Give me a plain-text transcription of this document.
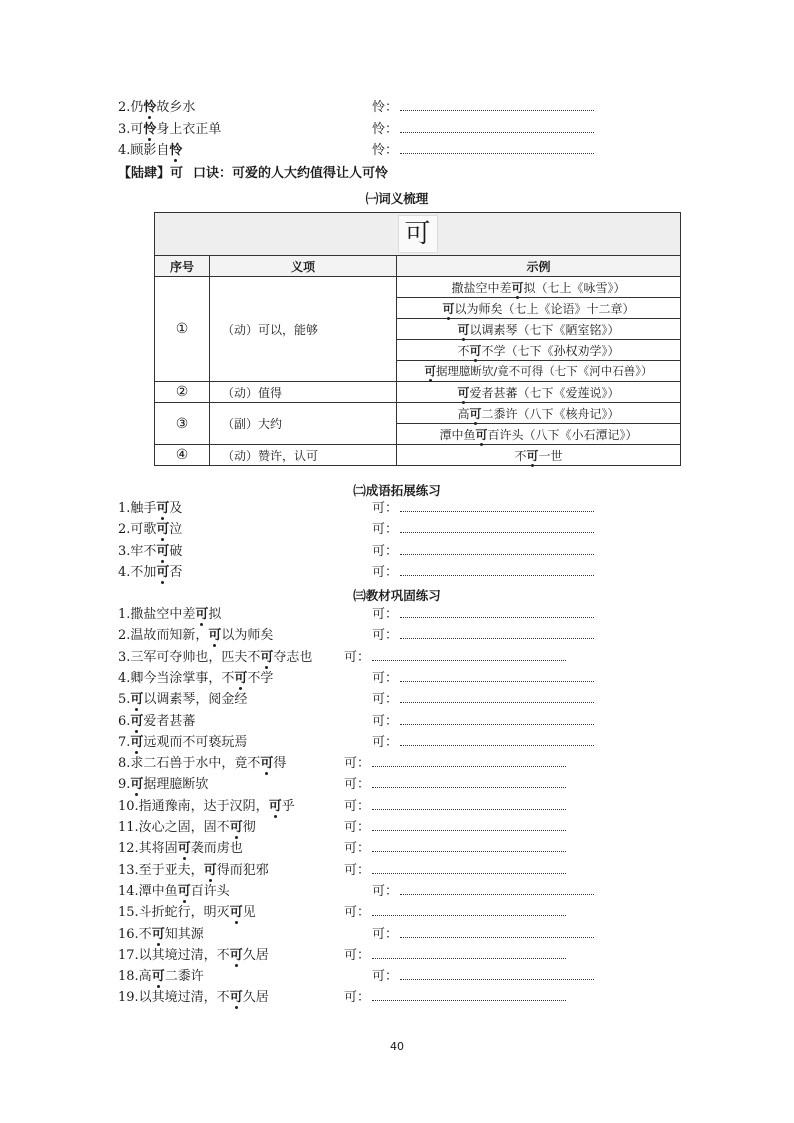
2.仍怜故乡水	怜：
3.可怜身上衣正单	怜：
4.顾影自怜	怜：
【陆肆】可 口诀：可爱的人大约值得让人可怜
㈠词义梳理
可		
序号	义项	示例
①	（动）可以，能够	撒盐空中差可拟（七上《咏雪》）
		可以为师矣（七上《论语》十二章）
		可以调素琴（七下《陋室铭》）
		不可不学（七下《孙权劝学》）
		可据理臆断欤/竟不可得（七下《河中石兽》）
②	（动）值得	可爱者甚蕃（七下《爱莲说》）
③	（副）大约	高可二黍许（八下《核舟记》）
		潭中鱼可百许头（八下《小石潭记》）
④	（动）赞许，认可	不可一世
㈡成语拓展练习
1.触手可及	可：
2.可歌可泣	可：
3.牢不可破	可：
4.不加可否	可：
㈢教材巩固练习
1.撒盐空中差可拟	可：
2.温故而知新，可以为师矣	可：
3.三军可夺帅也，匹夫不可夺志也 可：
4.卿今当涂掌事，不可不学	可：
5.可以调素琴，阅金经	可：
6.可爱者甚蕃	可：
7.可远观而不可亵玩焉	可：
8.求二石兽于水中，竟不可得	可：
9.可据理臆断欤	可：
10.指通豫南，达于汉阴，可乎	可：
11.汝心之固，固不可彻	可：
12.其将固可袭而虏也	可：
13.至于亚夫，可得而犯邪	可：
14.潭中鱼可百许头	可：
15.斗折蛇行，明灭可见	可：
16.不可知其源	可：
17.以其境过清，不可久居	可：
18.高可二黍许	可：
19.以其境过清，不可久居	可：
40
